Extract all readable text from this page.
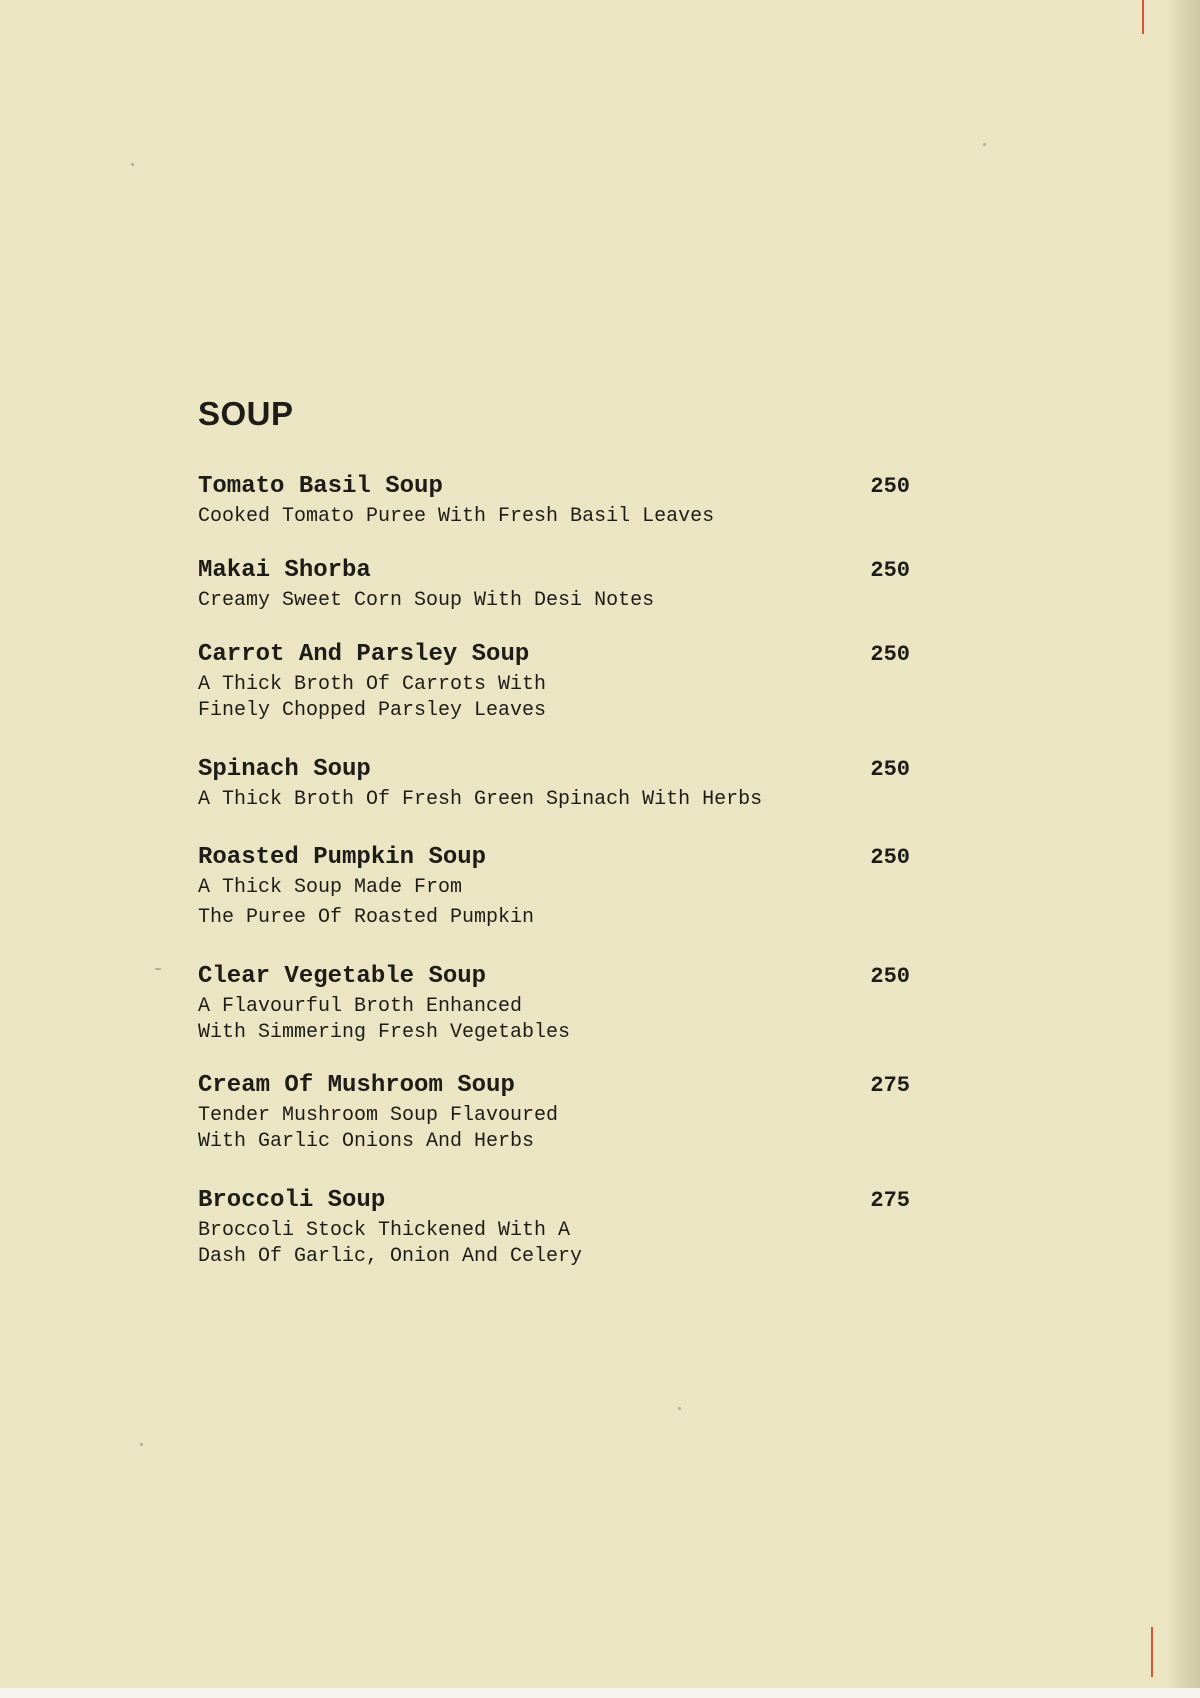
SOUP
Tomato Basil Soup	250
Cooked Tomato Puree With Fresh Basil Leaves
Makai Shorba	250
Creamy Sweet Corn Soup With Desi Notes
Carrot And Parsley Soup	250
A Thick Broth Of Carrots With
Finely Chopped Parsley Leaves
Spinach Soup	250
A Thick Broth Of Fresh Green Spinach With Herbs
Roasted Pumpkin Soup	250
A Thick Soup Made From
The Puree Of Roasted Pumpkin
Clear Vegetable Soup	250
A Flavourful Broth Enhanced
With Simmering Fresh Vegetables
Cream Of Mushroom Soup	275
Tender Mushroom Soup Flavoured
With Garlic Onions And Herbs
Broccoli Soup	275
Broccoli Stock Thickened With A
Dash Of Garlic, Onion And Celery
